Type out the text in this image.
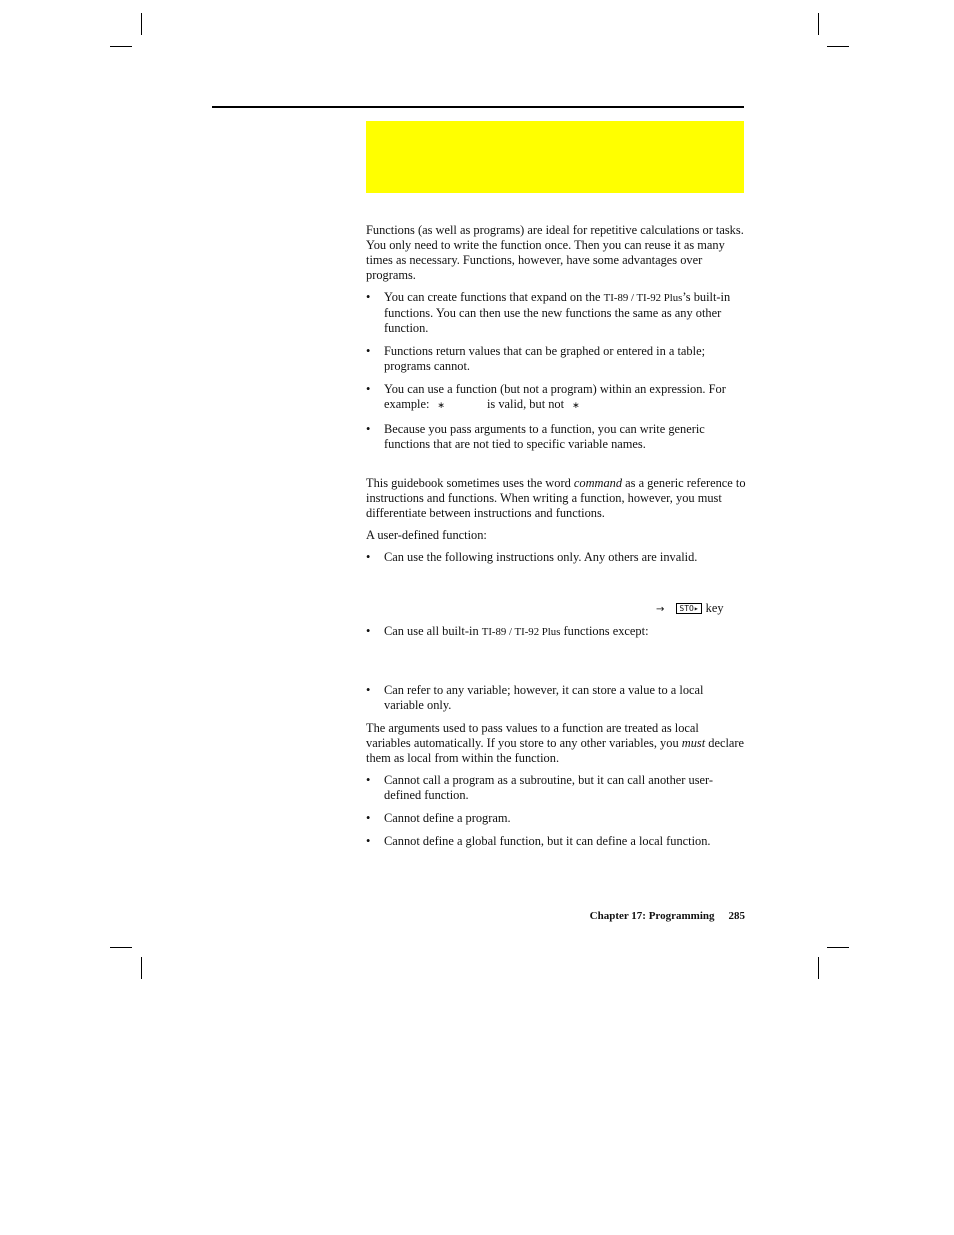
Functions (as well as programs) are ideal for repetitive calculations or tasks. You only need to write the function once. Then you can reuse it as many times as necessary. Functions, however, have some advantages over programs.

• You can create functions that expand on the TI-89 / TI-92 Plus’s built-in functions. You can then use the new functions the same as any other function.
• Functions return values that can be graphed or entered in a table; programs cannot.
• You can use a function (but not a program) within an expression. For example: ∗	is valid, but not ∗
• Because you pass arguments to a function, you can write generic functions that are not tied to specific variable names.

This guidebook sometimes uses the word command as a generic reference to instructions and functions. When writing a function, however, you must differentiate between instructions and functions.

A user-defined function:

• Can use the following instructions only. Any others are invalid.
→ STO▸ key
• Can use all built-in TI-89 / TI-92 Plus functions except:
• Can refer to any variable; however, it can store a value to a local variable only.

The arguments used to pass values to a function are treated as local variables automatically. If you store to any other variables, you must declare them as local from within the function.

• Cannot call a program as a subroutine, but it can call another user-defined function.
• Cannot define a program.
• Cannot define a global function, but it can define a local function.
Chapter 17: Programming 285
